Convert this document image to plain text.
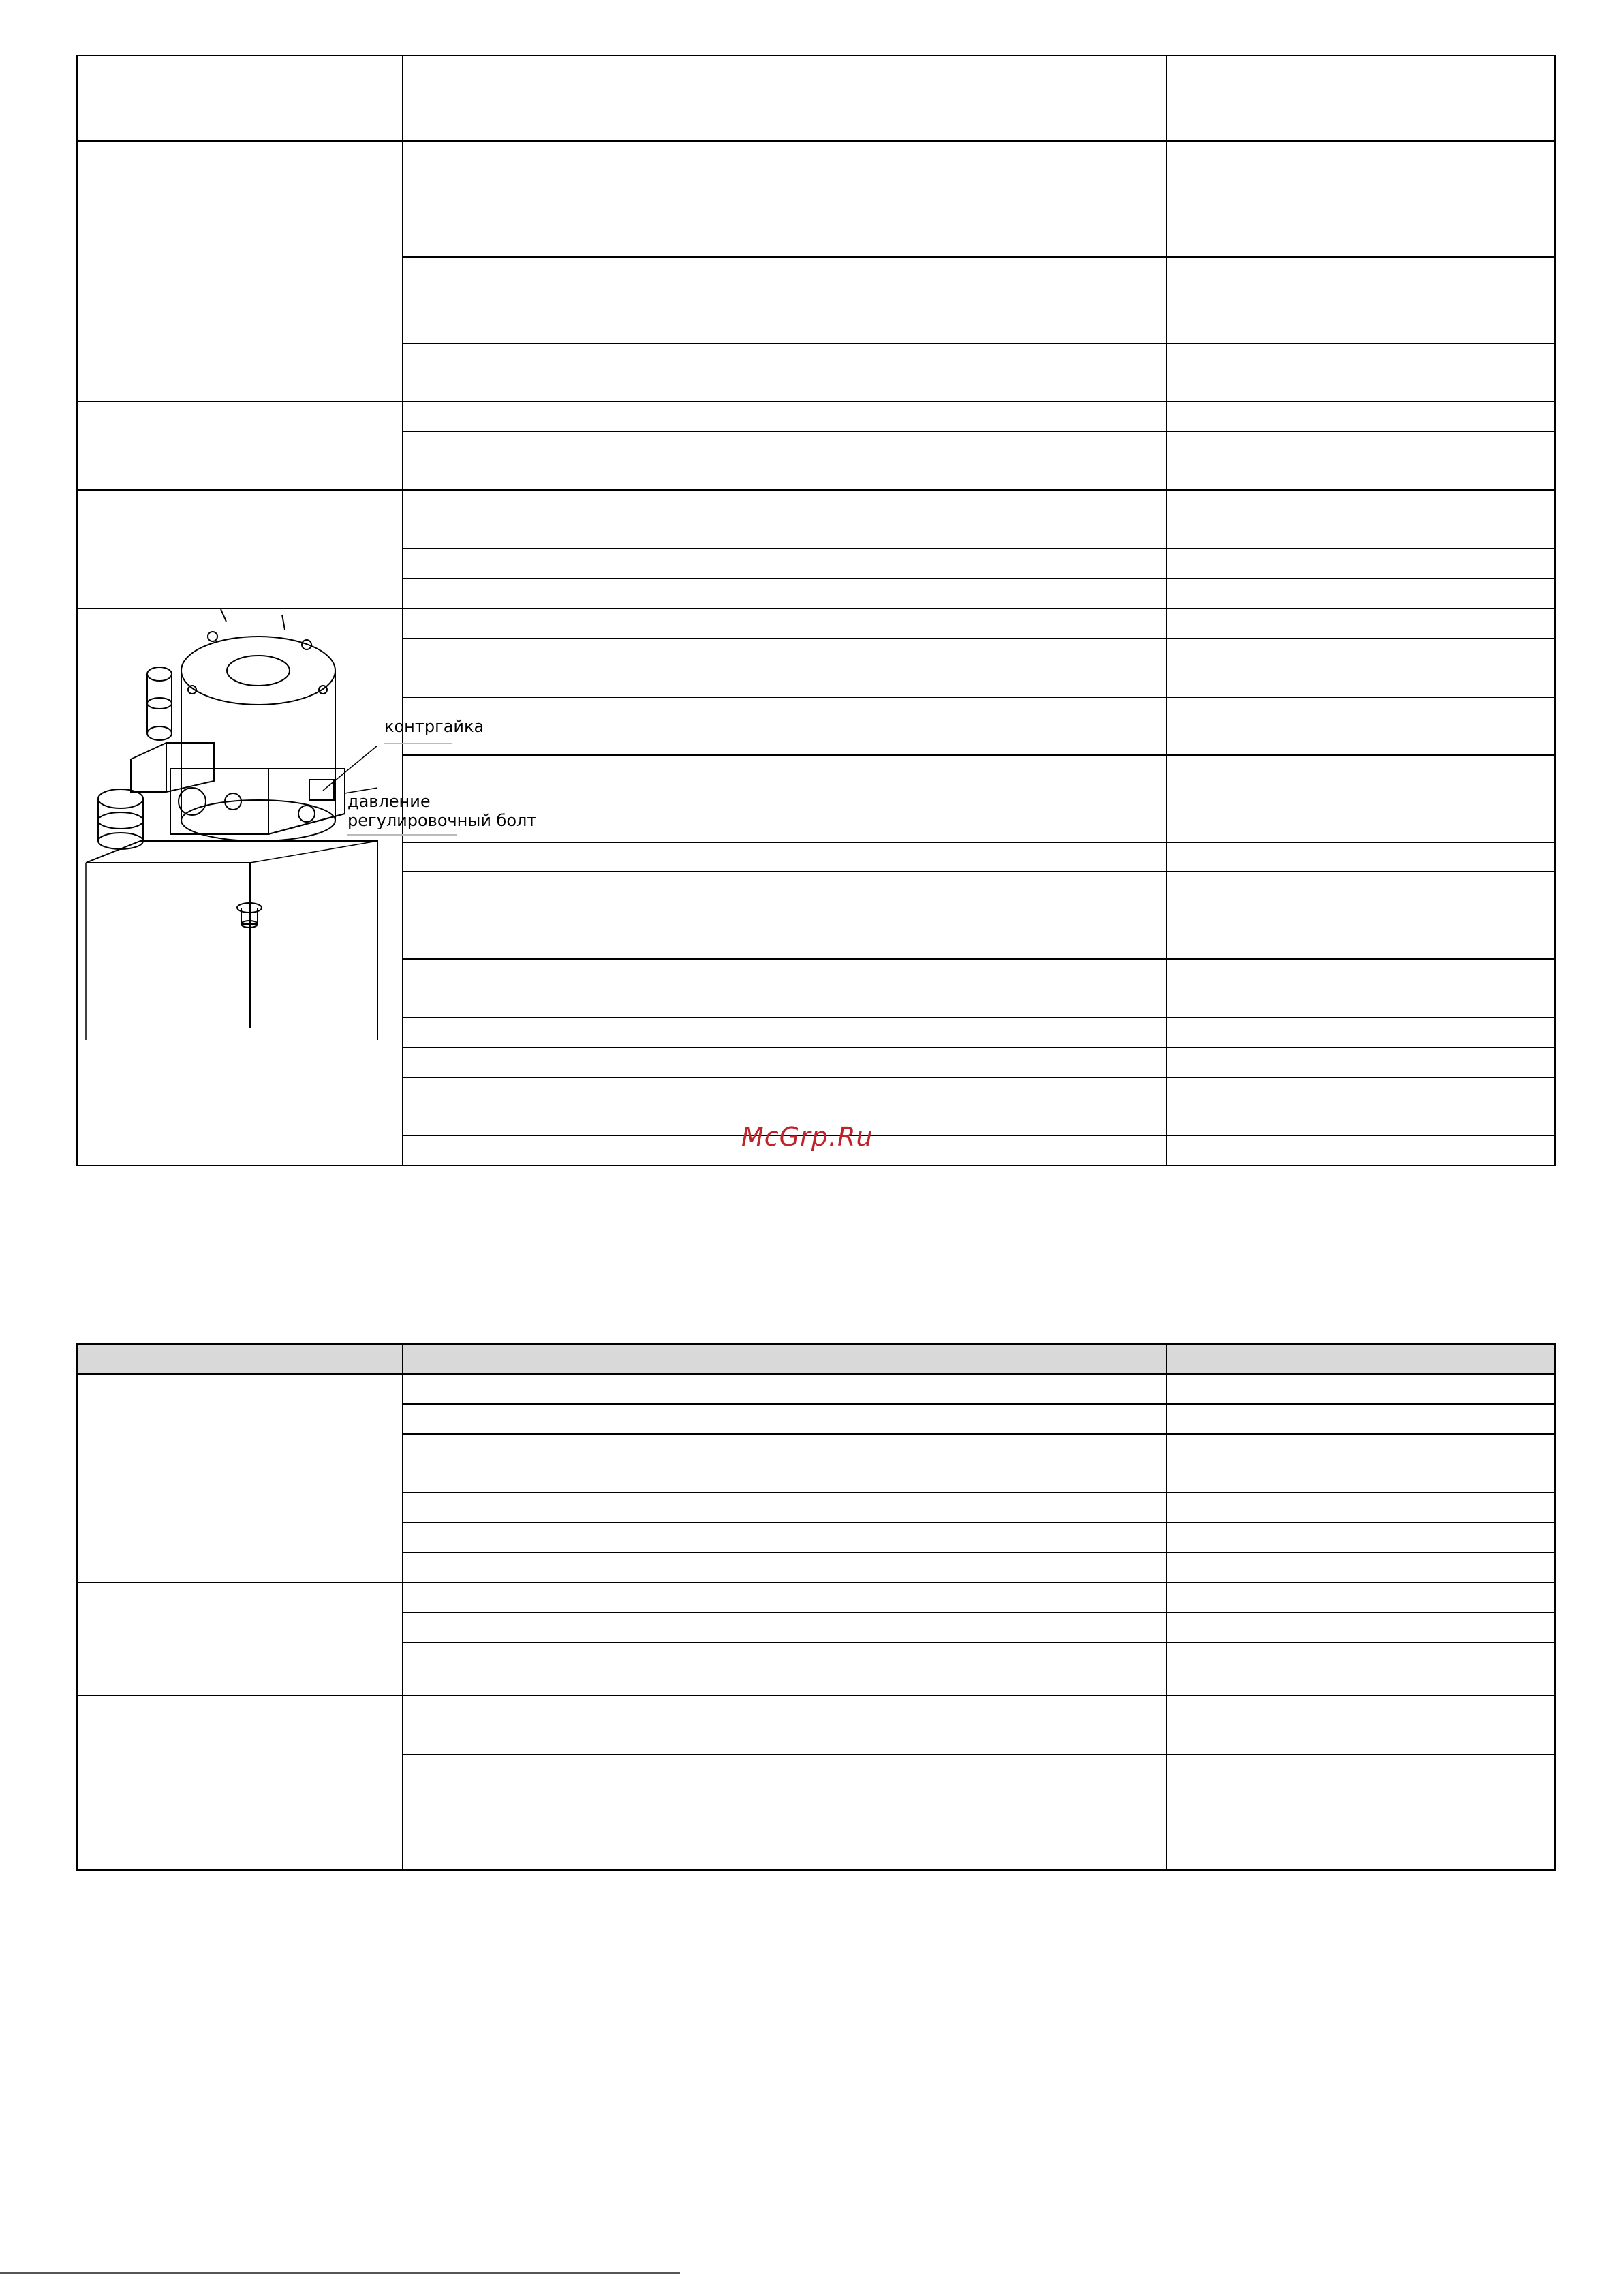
контргайка
давление
регулировочный болт		

McGrp.Ru
